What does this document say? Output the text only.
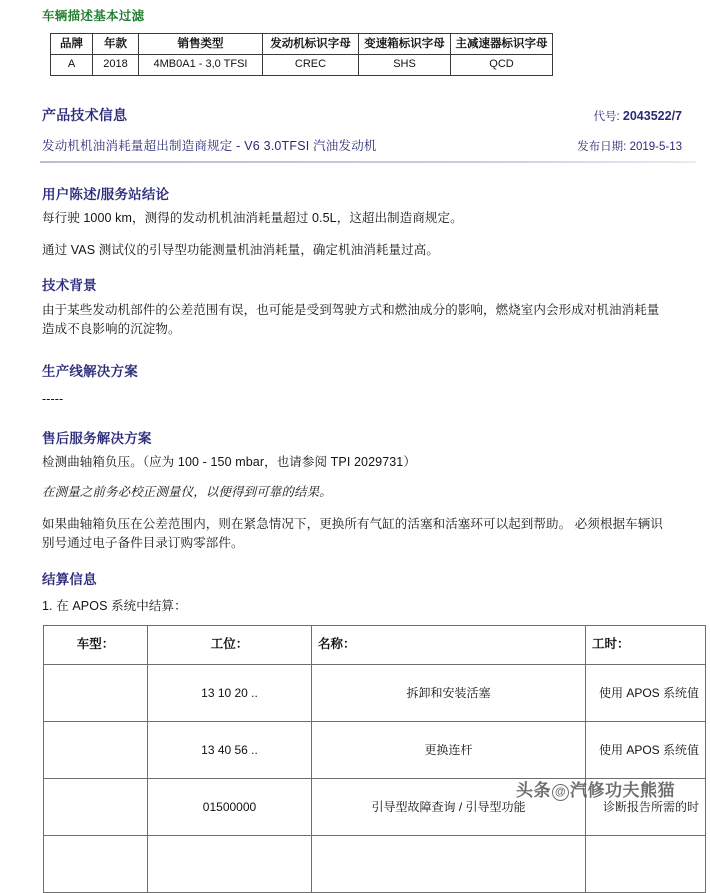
车辆描述基本过滤
品牌	年款	销售类型	发动机标识字母	变速箱标识字母	主减速器标识字母
A	2018	4MB0A1 - 3,0 TFSI	CREC	SHS	QCD
产品技术信息	代号: 2043522/7
发动机机油消耗量超出制造商规定 - V6 3.0TFSI 汽油发动机	发布日期: 2019-5-13
用户陈述/服务站结论
每行驶 1000 km，测得的发动机机油消耗量超过 0.5L，这超出制造商规定。
通过 VAS 测试仪的引导型功能测量机油消耗量，确定机油消耗量过高。
技术背景
由于某些发动机部件的公差范围有误，也可能是受到驾驶方式和燃油成分的影响，燃烧室内会形成对机油消耗量造成不良影响的沉淀物。
生产线解决方案
-----
售后服务解决方案
检测曲轴箱负压。（应为 100 - 150 mbar，也请参阅 TPI 2029731）
在测量之前务必校正测量仪，以便得到可靠的结果。
如果曲轴箱负压在公差范围内，则在紧急情况下，更换所有气缸的活塞和活塞环可以起到帮助。 必须根据车辆识别号通过电子备件目录订购零部件。
结算信息
1. 在 APOS 系统中结算：
车型：	工位：	名称：	工时：
	13 10 20 ..	拆卸和安装活塞	使用 APOS 系统值
	13 40 56 ..	更换连杆	使用 APOS 系统值
	01500000	引导型故障查询 / 引导型功能	诊断报告所需的时

头条 @ 汽修功夫熊猫
